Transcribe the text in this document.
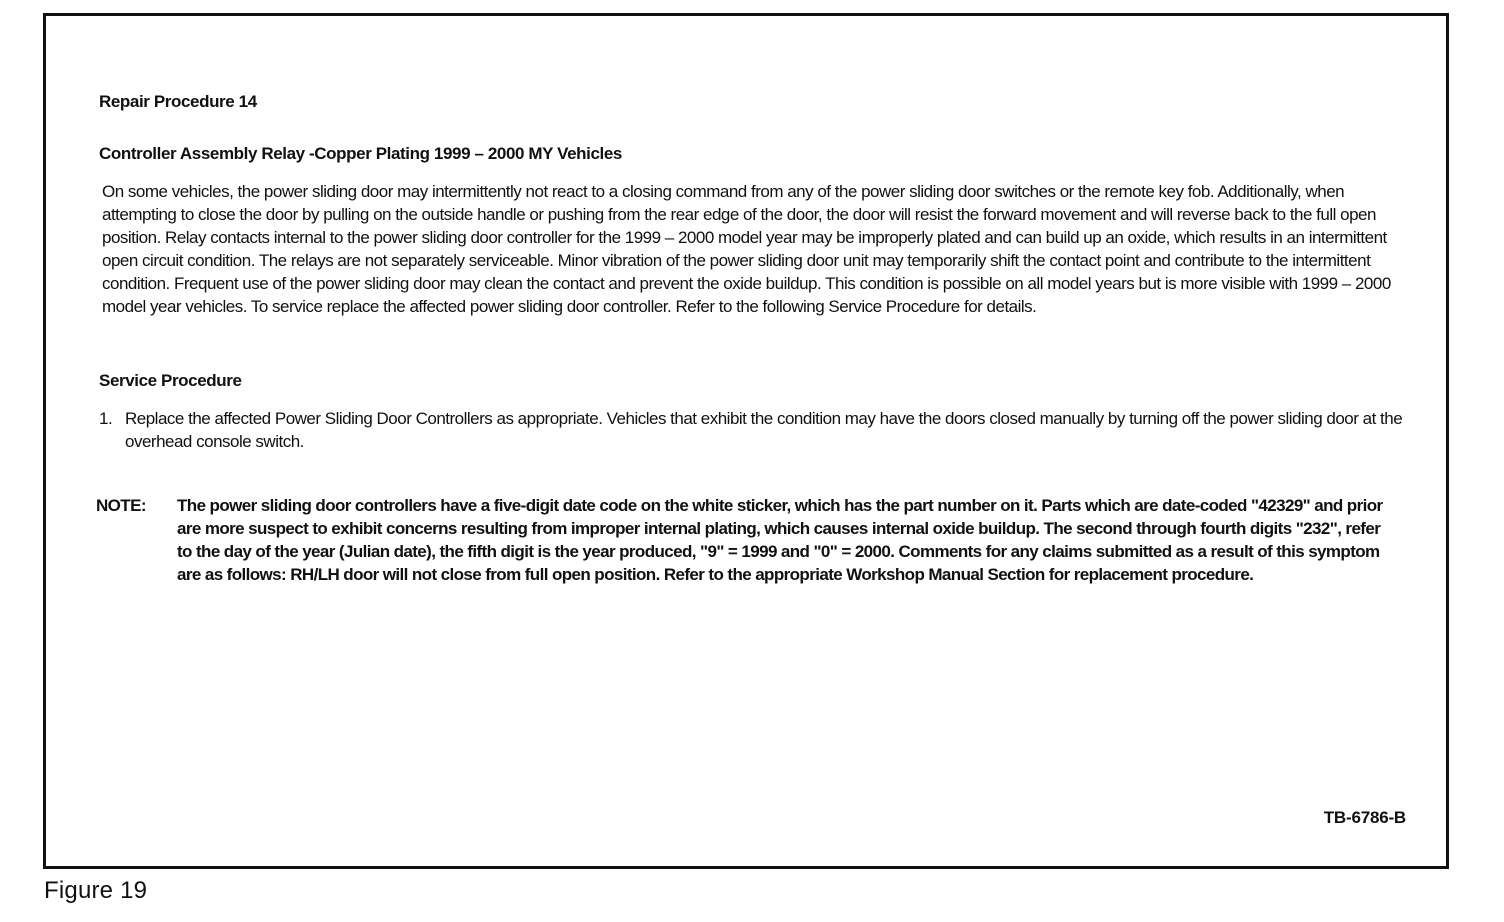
Repair Procedure 14
Controller Assembly Relay -Copper Plating 1999 – 2000 MY Vehicles
On some vehicles, the power sliding door may intermittently not react to a closing command from any of the power sliding door switches or the remote key fob. Additionally, when attempting to close the door by pulling on the outside handle or pushing from the rear edge of the door, the door will resist the forward movement and will reverse back to the full open position. Relay contacts internal to the power sliding door controller for the 1999 – 2000 model year may be improperly plated and can build up an oxide, which results in an intermittent open circuit condition. The relays are not separately serviceable. Minor vibration of the power sliding door unit may temporarily shift the contact point and contribute to the intermittent condition. Frequent use of the power sliding door may clean the contact and prevent the oxide buildup. This condition is possible on all model years but is more visible with 1999 – 2000 model year vehicles. To service replace the affected power sliding door controller. Refer to the following Service Procedure for details.
Service Procedure
1. Replace the affected Power Sliding Door Controllers as appropriate. Vehicles that exhibit the condition may have the doors closed manually by turning off the power sliding door at the overhead console switch.
NOTE:	The power sliding door controllers have a five-digit date code on the white sticker, which has the part number on it. Parts which are date-coded "42329" and prior are more suspect to exhibit concerns resulting from improper internal plating, which causes internal oxide buildup. The second through fourth digits "232", refer to the day of the year (Julian date), the fifth digit is the year produced, "9" = 1999 and "0" = 2000. Comments for any claims submitted as a result of this symptom are as follows: RH/LH door will not close from full open position. Refer to the appropriate Workshop Manual Section for replacement procedure.
TB-6786-B
Figure 19
